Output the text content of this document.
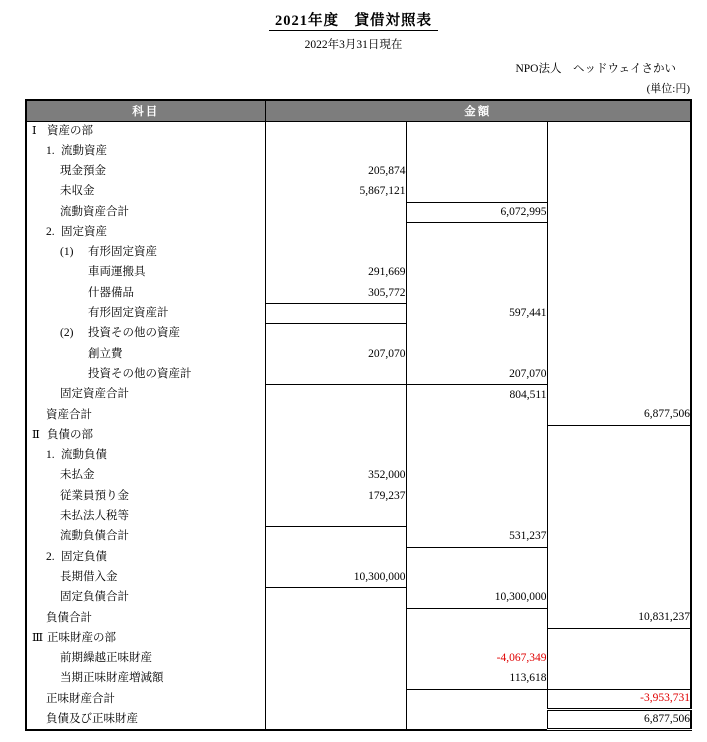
2021年度　貸借対照表
2022年3月31日現在
NPO法人　ヘッドウェイさかい
(単位:円)
科目	金額		

Ⅰ 資産の部			

1. 流動資産			

現金預金	205,874		

未収金	5,867,121		

流動資産合計		6,072,995	

2. 固定資産			

(1) 有形固定資産			

車両運搬具	291,669		

什器備品	305,772		

有形固定資産計		597,441	

(2) 投資その他の資産			

創立費	207,070		

投資その他の資産計		207,070	

固定資産合計		804,511	

資産合計			6,877,506

Ⅱ 負債の部			

1. 流動負債			

未払金	352,000		

従業員預り金	179,237		

未払法人税等			

流動負債合計		531,237	

2. 固定負債			

長期借入金	10,300,000		

固定負債合計		10,300,000	

負債合計			10,831,237

Ⅲ 正味財産の部			

前期繰越正味財産		-4,067,349	

当期正味財産増減額		113,618	

正味財産合計			-3,953,731

負債及び正味財産			6,877,506
